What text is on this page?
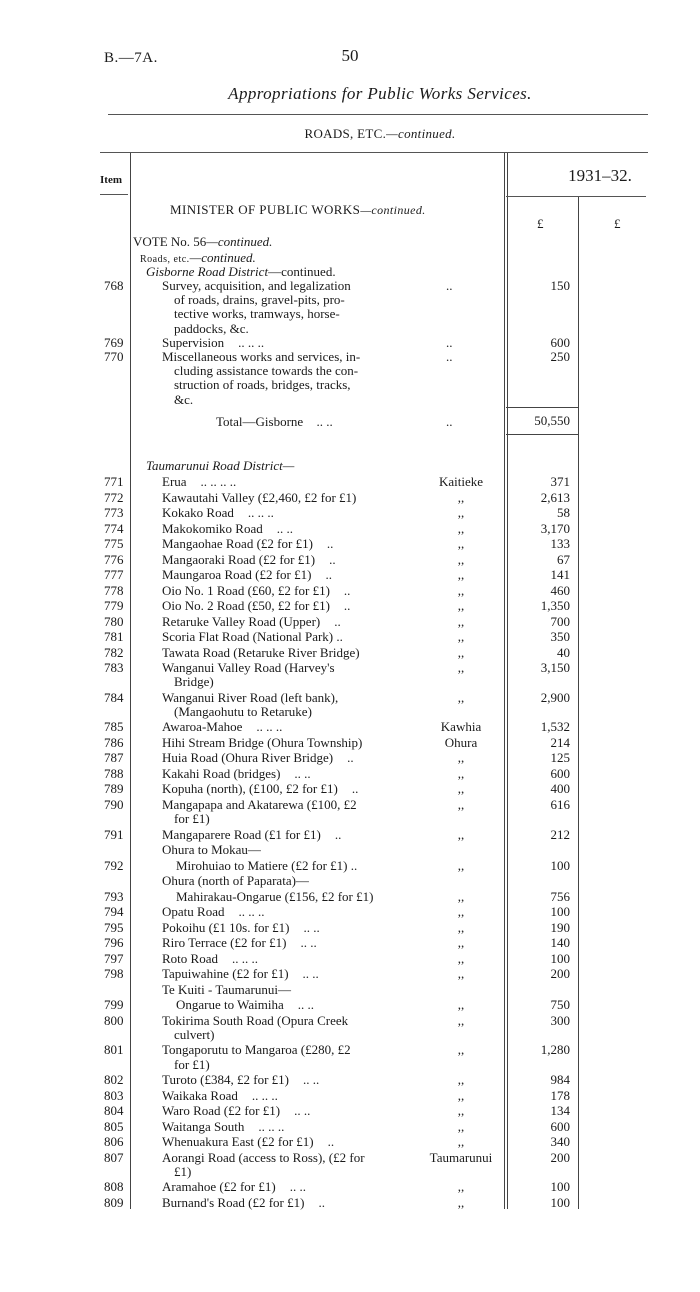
B.—7A.	50
Appropriations for Public Works Services.
ROADS, ETC.—continued.
Item	1931–32.
£	£
MINISTER OF PUBLIC WORKS—continued.
VOTE No. 56—continued.
Roads, etc.—continued.
Gisborne Road District—continued.
768	Survey, acquisition, and legalization
of roads, drains, gravel-pits, pro-
tective works, tramways, horse-
paddocks, &c.
..	150
769	Supervision .. .. ..	..	600
770	Miscellaneous works and services, in-
cluding assistance towards the con-
struction of roads, bridges, tracks,
&c.
..	250
Total—Gisborne .. ..	..	50,550
Taumarunui Road District—
771	Erua .. .. .. ..	Kaitieke	371
772	Kawautahi Valley (£2,460, £2 for £1)	,,	2,613
773	Kokako Road .. .. ..	,,	58
774	Makokomiko Road .. ..	,,	3,170
775	Mangaohae Road (£2 for £1) ..	,,	133
776	Mangaoraki Road (£2 for £1) ..	,,	67
777	Maungaroa Road (£2 for £1) ..	,,	141
778	Oio No. 1 Road (£60, £2 for £1) ..	,,	460
779	Oio No. 2 Road (£50, £2 for £1) ..	,,	1,350
780	Retaruke Valley Road (Upper) ..	,,	700
781	Scoria Flat Road (National Park) ..	,,	350
782	Tawata Road (Retaruke River Bridge)	,,	40
783	Wanganui Valley Road (Harvey's
Bridge)
,,	3,150
784	Wanganui River Road (left bank),
(Mangaohutu to Retaruke)
,,	2,900
785	Awaroa-Mahoe .. .. ..	Kawhia	1,532
786	Hihi Stream Bridge (Ohura Township)	Ohura	214
787	Huia Road (Ohura River Bridge) ..	,,	125
788	Kakahi Road (bridges) .. ..	,,	600
789	Kopuha (north), (£100, £2 for £1) ..	,,	400
790	Mangapapa and Akatarewa (£100, £2
for £1)
,,	616
791	Mangaparere Road (£1 for £1) ..	,,	212
Ohura to Mokau—
792	Mirohuiao to Matiere (£2 for £1) ..	,,	100
Ohura (north of Paparata)—
793	Mahirakau-Ongarue (£156, £2 for £1)	,,	756
794	Opatu Road .. .. ..	,,	100
795	Pokoihu (£1 10s. for £1) .. ..	,,	190
796	Riro Terrace (£2 for £1) .. ..	,,	140
797	Roto Road .. .. ..	,,	100
798	Tapuiwahine (£2 for £1) .. ..	,,	200
Te Kuiti - Taumarunui—
799	Ongarue to Waimiha .. ..	,,	750
800	Tokirima South Road (Opura Creek
culvert)
,,	300
801	Tongaporutu to Mangaroa (£280, £2
for £1)
,,	1,280
802	Turoto (£384, £2 for £1) .. ..	,,	984
803	Waikaka Road .. .. ..	,,	178
804	Waro Road (£2 for £1) .. ..	,,	134
805	Waitanga South .. .. ..	,,	600
806	Whenuakura East (£2 for £1) ..	,,	340
807	Aorangi Road (access to Ross), (£2 for
£1)
Taumarunui	200
808	Aramahoe (£2 for £1) .. ..	,,	100
809	Burnand's Road (£2 for £1) ..	,,	100
